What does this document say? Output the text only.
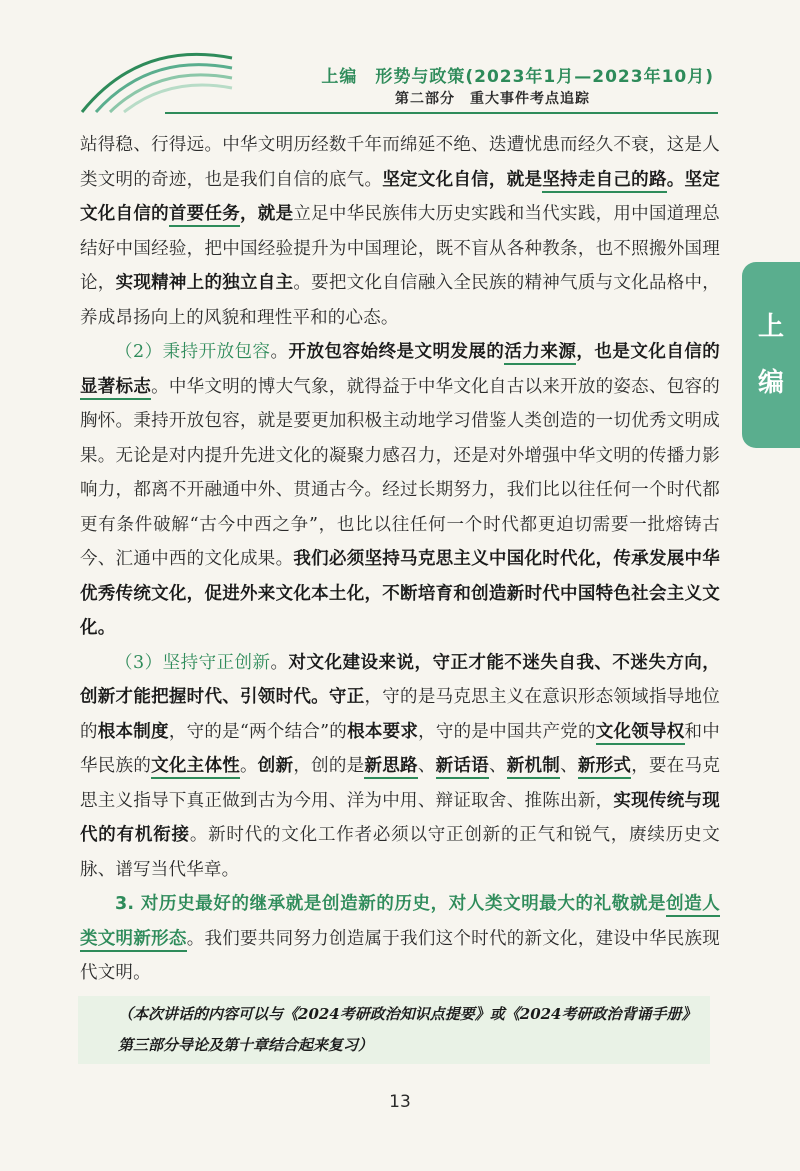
上编　形势与政策(2023年1月—2023年10月)
第二部分　重大事件考点追踪
上
编

站得稳、行得远。中华文明历经数千年而绵延不绝、迭遭忧患而经久不衰，这是人类文明的奇迹，也是我们自信的底气。坚定文化自信，就是坚持走自己的路。坚定文化自信的首要任务，就是立足中华民族伟大历史实践和当代实践，用中国道理总结好中国经验，把中国经验提升为中国理论，既不盲从各种教条，也不照搬外国理论，实现精神上的独立自主。要把文化自信融入全民族的精神气质与文化品格中，养成昂扬向上的风貌和理性平和的心态。

（2）秉持开放包容。开放包容始终是文明发展的活力来源，也是文化自信的显著标志。中华文明的博大气象，就得益于中华文化自古以来开放的姿态、包容的胸怀。秉持开放包容，就是要更加积极主动地学习借鉴人类创造的一切优秀文明成果。无论是对内提升先进文化的凝聚力感召力，还是对外增强中华文明的传播力影响力，都离不开融通中外、贯通古今。经过长期努力，我们比以往任何一个时代都更有条件破解“古今中西之争”，也比以往任何一个时代都更迫切需要一批熔铸古今、汇通中西的文化成果。我们必须坚持马克思主义中国化时代化，传承发展中华优秀传统文化，促进外来文化本土化，不断培育和创造新时代中国特色社会主义文化。

（3）坚持守正创新。对文化建设来说，守正才能不迷失自我、不迷失方向，创新才能把握时代、引领时代。守正，守的是马克思主义在意识形态领域指导地位的根本制度，守的是“两个结合”的根本要求，守的是中国共产党的文化领导权和中华民族的文化主体性。创新，创的是新思路、新话语、新机制、新形式，要在马克思主义指导下真正做到古为今用、洋为中用、辩证取舍、推陈出新，实现传统与现代的有机衔接。新时代的文化工作者必须以守正创新的正气和锐气，赓续历史文脉、谱写当代华章。

3. 对历史最好的继承就是创造新的历史，对人类文明最大的礼敬就是创造人类文明新形态。我们要共同努力创造属于我们这个时代的新文化，建设中华民族现代文明。

（本次讲话的内容可以与《2024考研政治知识点提要》或《2024考研政治背诵手册》第三部分导论及第十章结合起来复习）
13
